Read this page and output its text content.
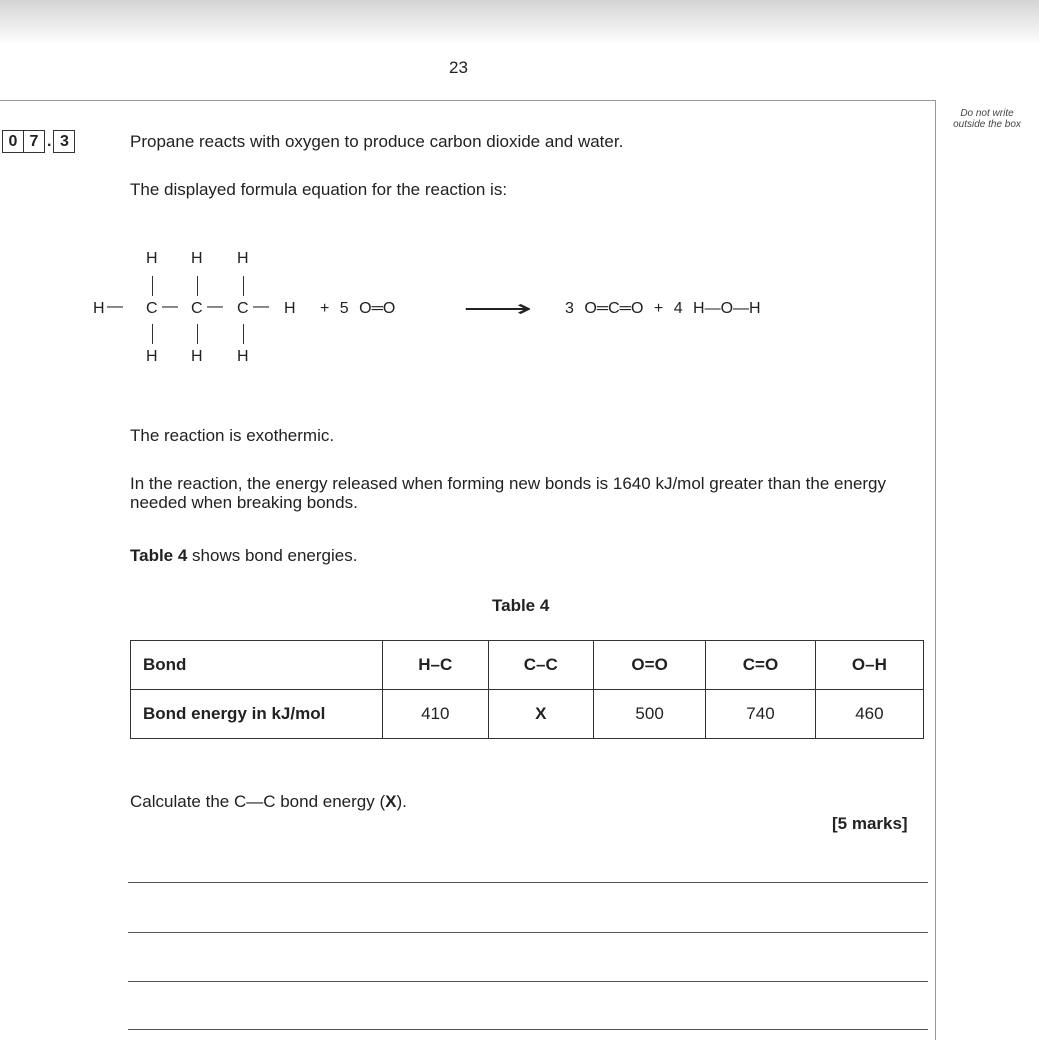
23
Do not write outside the box
0 7 . 3	Propane reacts with oxygen to produce carbon dioxide and water.
The displayed formula equation for the reaction is:
H — C — C — C — H
H H H
H H H
+ 5 O═O	⟶ 3 O═C═O + 4 H—O—H
The reaction is exothermic.
In the reaction, the energy released when forming new bonds is 1640 kJ/mol greater than the energy needed when breaking bonds.
Table 4 shows bond energies.
Table 4
Bond	H–C	C–C	O=O	C=O	O–H
Bond energy in kJ/mol	410	X	500	740	460
Calculate the C—C bond energy (X).
[5 marks]
